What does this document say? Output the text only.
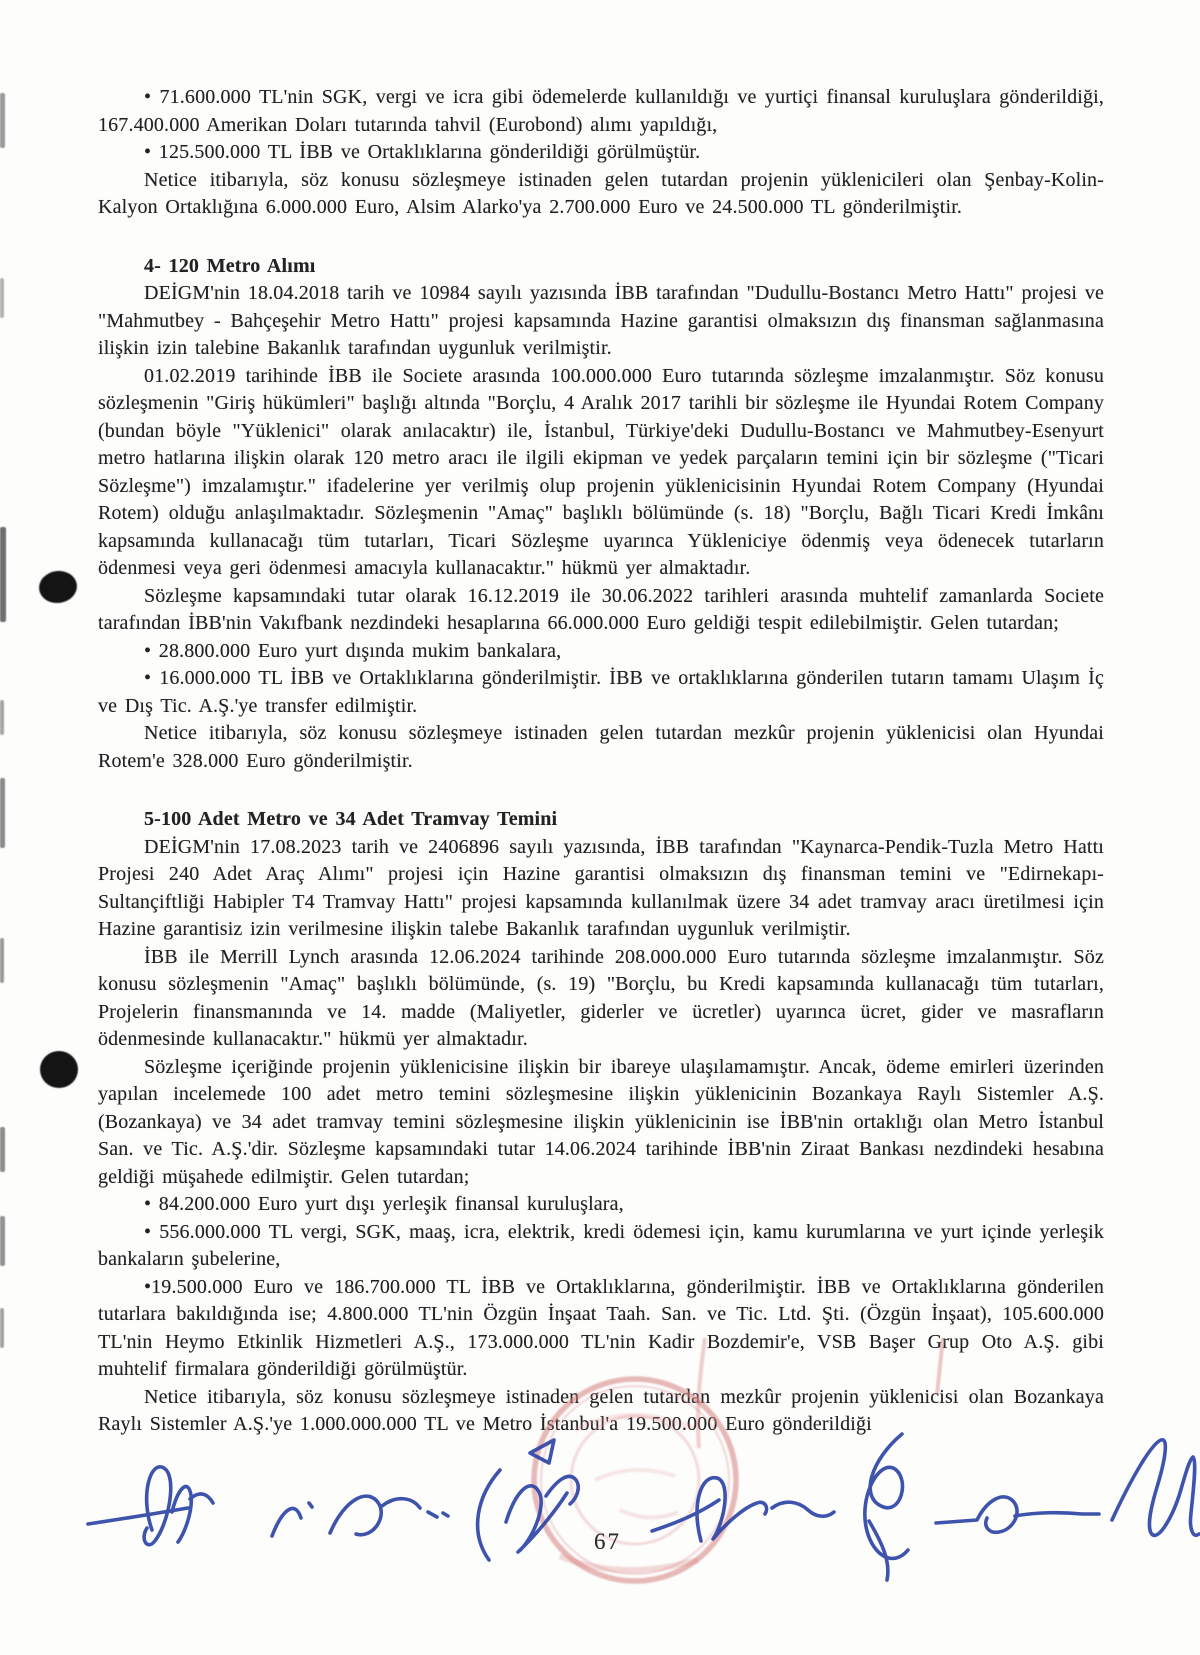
• 71.600.000 TL'nin SGK, vergi ve icra gibi ödemelerde kullanıldığı ve yurtiçi finansal kuruluşlara gönderildiği, 167.400.000 Amerikan Doları tutarında tahvil (Eurobond) alımı yapıldığı,

• 125.500.000 TL İBB ve Ortaklıklarına gönderildiği görülmüştür.

Netice itibarıyla, söz konusu sözleşmeye istinaden gelen tutardan projenin yüklenicileri olan Şenbay-Kolin-Kalyon Ortaklığına 6.000.000 Euro, Alsim Alarko'ya 2.700.000 Euro ve 24.500.000 TL gönderilmiştir.

4- 120 Metro Alımı

DEİGM'nin 18.04.2018 tarih ve 10984 sayılı yazısında İBB tarafından "Dudullu-Bostancı Metro Hattı" projesi ve "Mahmutbey - Bahçeşehir Metro Hattı" projesi kapsamında Hazine garantisi olmaksızın dış finansman sağlanmasına ilişkin izin talebine Bakanlık tarafından uygunluk verilmiştir.

01.02.2019 tarihinde İBB ile Societe arasında 100.000.000 Euro tutarında sözleşme imzalanmıştır. Söz konusu sözleşmenin "Giriş hükümleri" başlığı altında "Borçlu, 4 Aralık 2017 tarihli bir sözleşme ile Hyundai Rotem Company (bundan böyle "Yüklenici" olarak anılacaktır) ile, İstanbul, Türkiye'deki Dudullu-Bostancı ve Mahmutbey-Esenyurt metro hatlarına ilişkin olarak 120 metro aracı ile ilgili ekipman ve yedek parçaların temini için bir sözleşme ("Ticari Sözleşme") imzalamıştır." ifadelerine yer verilmiş olup projenin yüklenicisinin Hyundai Rotem Company (Hyundai Rotem) olduğu anlaşılmaktadır. Sözleşmenin "Amaç" başlıklı bölümünde (s. 18) "Borçlu, Bağlı Ticari Kredi İmkânı kapsamında kullanacağı tüm tutarları, Ticari Sözleşme uyarınca Yükleniciye ödenmiş veya ödenecek tutarların ödenmesi veya geri ödenmesi amacıyla kullanacaktır." hükmü yer almaktadır.

Sözleşme kapsamındaki tutar olarak 16.12.2019 ile 30.06.2022 tarihleri arasında muhtelif zamanlarda Societe tarafından İBB'nin Vakıfbank nezdindeki hesaplarına 66.000.000 Euro geldiği tespit edilebilmiştir. Gelen tutardan;

• 28.800.000 Euro yurt dışında mukim bankalara,

• 16.000.000 TL İBB ve Ortaklıklarına gönderilmiştir. İBB ve ortaklıklarına gönderilen tutarın tamamı Ulaşım İç ve Dış Tic. A.Ş.'ye transfer edilmiştir.

Netice itibarıyla, söz konusu sözleşmeye istinaden gelen tutardan mezkûr projenin yüklenicisi olan Hyundai Rotem'e 328.000 Euro gönderilmiştir.

5-100 Adet Metro ve 34 Adet Tramvay Temini

DEİGM'nin 17.08.2023 tarih ve 2406896 sayılı yazısında, İBB tarafından "Kaynarca-Pendik-Tuzla Metro Hattı Projesi 240 Adet Araç Alımı" projesi için Hazine garantisi olmaksızın dış finansman temini ve "Edirnekapı-Sultançiftliği Habipler T4 Tramvay Hattı" projesi kapsamında kullanılmak üzere 34 adet tramvay aracı üretilmesi için Hazine garantisiz izin verilmesine ilişkin talebe Bakanlık tarafından uygunluk verilmiştir.

İBB ile Merrill Lynch arasında 12.06.2024 tarihinde 208.000.000 Euro tutarında sözleşme imzalanmıştır. Söz konusu sözleşmenin "Amaç" başlıklı bölümünde, (s. 19) "Borçlu, bu Kredi kapsamında kullanacağı tüm tutarları, Projelerin finansmanında ve 14. madde (Maliyetler, giderler ve ücretler) uyarınca ücret, gider ve masrafların ödenmesinde kullanacaktır." hükmü yer almaktadır.

Sözleşme içeriğinde projenin yüklenicisine ilişkin bir ibareye ulaşılamamıştır. Ancak, ödeme emirleri üzerinden yapılan incelemede 100 adet metro temini sözleşmesine ilişkin yüklenicinin Bozankaya Raylı Sistemler A.Ş. (Bozankaya) ve 34 adet tramvay temini sözleşmesine ilişkin yüklenicinin ise İBB'nin ortaklığı olan Metro İstanbul San. ve Tic. A.Ş.'dir. Sözleşme kapsamındaki tutar 14.06.2024 tarihinde İBB'nin Ziraat Bankası nezdindeki hesabına geldiği müşahede edilmiştir. Gelen tutardan;

• 84.200.000 Euro yurt dışı yerleşik finansal kuruluşlara,

• 556.000.000 TL vergi, SGK, maaş, icra, elektrik, kredi ödemesi için, kamu kurumlarına ve yurt içinde yerleşik bankaların şubelerine,

•19.500.000 Euro ve 186.700.000 TL İBB ve Ortaklıklarına, gönderilmiştir. İBB ve Ortaklıklarına gönderilen tutarlara bakıldığında ise; 4.800.000 TL'nin Özgün İnşaat Taah. San. ve Tic. Ltd. Şti. (Özgün İnşaat), 105.600.000 TL'nin Heymo Etkinlik Hizmetleri A.Ş., 173.000.000 TL'nin Kadir Bozdemir'e, VSB Başer Grup Oto A.Ş. gibi muhtelif firmalara gönderildiği görülmüştür.

Netice itibarıyla, söz konusu sözleşmeye istinaden gelen tutardan mezkûr projenin yüklenicisi olan Bozankaya Raylı Sistemler A.Ş.'ye 1.000.000.000 TL ve Metro İstanbul'a 19.500.000 Euro gönderildiği

67
